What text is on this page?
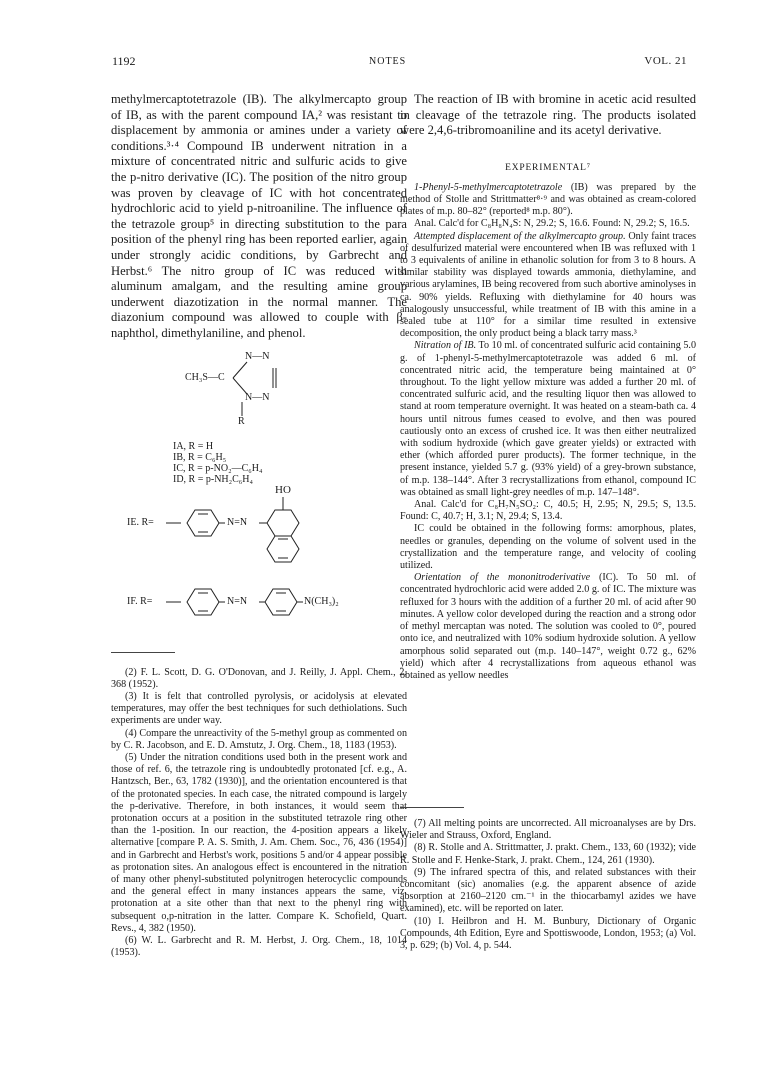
1192	NOTES	VOL. 21

methylmercaptotetrazole (IB). The alkylmercapto group of IB, as with the parent compound IA,² was resistant to displacement by ammonia or amines under a variety of conditions.³·⁴ Compound IB underwent nitration in a mixture of concentrated nitric and sulfuric acids to give the p-nitro derivative (IC). The position of the nitro group was proven by cleavage of IC with hot concentrated hydrochloric acid to yield p-nitroaniline. The influence of the tetrazole group⁵ in directing substitution to the para position of the phenyl ring has been reported earlier, again under strongly acidic conditions, by Garbrecht and Herbst.⁶ The nitro group of IC was reduced with aluminum amalgam, and the resulting amine group underwent diazotization in the normal manner. The diazonium compound was allowed to couple with β-naphthol, dimethylaniline, and phenol.

N—N
CH₃S—C
N—N
R
IA, R = H
IB, R = C₆H₅
IC, R = p-NO₂—C₆H₄
ID, R = p-NH₂C₆H₄
HO
IE. R=	N=N
IF. R=	N=N	N(CH₃)₂

(2) F. L. Scott, D. G. O'Donovan, and J. Reilly, J. Appl. Chem., 2, 368 (1952).

(3) It is felt that controlled pyrolysis, or acidolysis at elevated temperatures, may offer the best techniques for such dethiolations. Such experiments are under way.

(4) Compare the unreactivity of the 5-methyl group as commented on by C. R. Jacobson, and E. D. Amstutz, J. Org. Chem., 18, 1183 (1953).

(5) Under the nitration conditions used both in the present work and those of ref. 6, the tetrazole ring is undoubtedly protonated [cf. e.g., A. Hantzsch, Ber., 63, 1782 (1930)], and the orientation encountered is that of the protonated species. In each case, the nitrated compound is largely the p-derivative. Therefore, in both instances, it would seem that protonation occurs at a position in the substituted tetrazole ring other than the 1-position. In our reaction, the 4-position appears a likely alternative [compare P. A. S. Smith, J. Am. Chem. Soc., 76, 436 (1954)] and in Garbrecht and Herbst's work, positions 5 and/or 4 appear possible as protonation sites. An analogous effect is encountered in the nitration of many other phenyl-substituted polynitrogen heterocyclic compounds and the general effect in many instances appears the same, viz. protonation at a site other than that next to the phenyl ring with subsequent o,p-nitration in the latter. Compare K. Schofield, Quart. Revs., 4, 382 (1950).

(6) W. L. Garbrecht and R. M. Herbst, J. Org. Chem., 18, 1014 (1953).

The reaction of IB with bromine in acetic acid resulted in cleavage of the tetrazole ring. The products isolated were 2,4,6-tribromoaniline and its acetyl derivative.

EXPERIMENTAL⁷

1-Phenyl-5-methylmercaptotetrazole (IB) was prepared by the method of Stolle and Strittmatter⁸·⁹ and was obtained as cream-colored plates of m.p. 80–82° (reported⁸ m.p. 80°).

Anal. Calc'd for C₈H₈N₄S: N, 29.2; S, 16.6. Found: N, 29.2; S, 16.5.

Attempted displacement of the alkylmercapto group. Only faint traces of desulfurized material were encountered when IB was refluxed with 1 to 3 equivalents of aniline in ethanolic solution for from 3 to 8 hours. A similar stability was displayed towards ammonia, diethylamine, and various arylamines, IB being recovered from such abortive aminolyses in ca. 90% yields. Refluxing with diethylamine for 40 hours was analogously unsuccessful, while treatment of IB with this amine in a sealed tube at 110° for a similar time resulted in extensive decomposition, the only product being a black tarry mass.³

Nitration of IB. To 10 ml. of concentrated sulfuric acid containing 5.0 g. of 1-phenyl-5-methylmercaptotetrazole was added 6 ml. of concentrated nitric acid, the temperature being maintained at 0° throughout. To the light yellow mixture was added a further 20 ml. of concentrated sulfuric acid, and the resulting liquor then was allowed to stand at room temperature overnight. It was heated on a steam-bath ca. 4 hours until nitrous fumes ceased to evolve, and then was poured cautiously onto an excess of crushed ice. It was then either neutralized with sodium hydroxide (which gave greater yields) or extracted with ether (which afforded purer products). The former technique, in the present instance, yielded 5.7 g. (93% yield) of a grey-brown substance, of m.p. 138–144°. After 3 recrystallizations from ethanol, compound IC was obtained as small light-grey needles of m.p. 147–148°.

Anal. Calc'd for C₈H₇N₅SO₂: C, 40.5; H, 2.95; N, 29.5; S, 13.5. Found: C, 40.7; H, 3.1; N, 29.4; S, 13.4.

IC could be obtained in the following forms: amorphous, plates, needles or granules, depending on the volume of solvent used in the crystallization and the temperature range, and velocity of cooling utilized.

Orientation of the mononitroderivative (IC). To 50 ml. of concentrated hydrochloric acid were added 2.0 g. of IC. The mixture was refluxed for 3 hours with the addition of a further 20 ml. of acid after 90 minutes. A yellow color developed during the reaction and a strong odor of methyl mercaptan was noted. The solution was cooled to 0°, poured onto ice, and neutralized with 10% sodium hydroxide solution. A yellow amorphous solid separated out (m.p. 140–147°, weight 0.72 g., 62% yield) which after 4 recrystallizations from aqueous ethanol was obtained as yellow needles

(7) All melting points are uncorrected. All microanalyses are by Drs. Wieler and Strauss, Oxford, England.

(8) R. Stolle and A. Strittmatter, J. prakt. Chem., 133, 60 (1932); vide R. Stolle and F. Henke-Stark, J. prakt. Chem., 124, 261 (1930).

(9) The infrared spectra of this, and related substances with their concomitant (sic) anomalies (e.g. the apparent absence of azide absorption at 2160–2120 cm.⁻¹ in the thiocarbamyl azides we have examined), etc. will be reported on later.

(10) I. Heilbron and H. M. Bunbury, Dictionary of Organic Compounds, 4th Edition, Eyre and Spottiswoode, London, 1953; (a) Vol. 3, p. 629; (b) Vol. 4, p. 544.
